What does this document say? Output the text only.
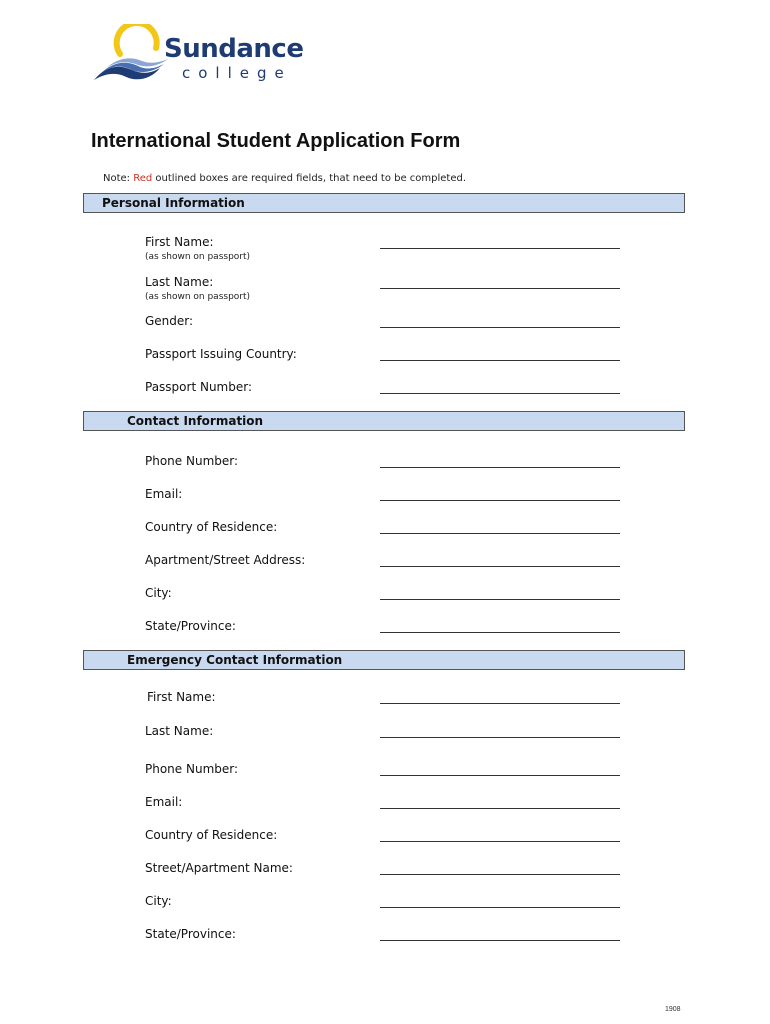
Sundance
college
International Student Application Form
Note: Red outlined boxes are required fields, that need to be completed.
Personal Information
First Name:
(as shown on passport)
Last Name:
(as shown on passport)
Gender:
Passport Issuing Country:
Passport Number:
Contact Information
Phone Number:
Email:
Country of Residence:
Apartment/Street Address:
City:
State/Province:
Emergency Contact Information
First Name:
Last Name:
Phone Number:
Email:
Country of Residence:
Street/Apartment Name:
City:
State/Province:
1908
